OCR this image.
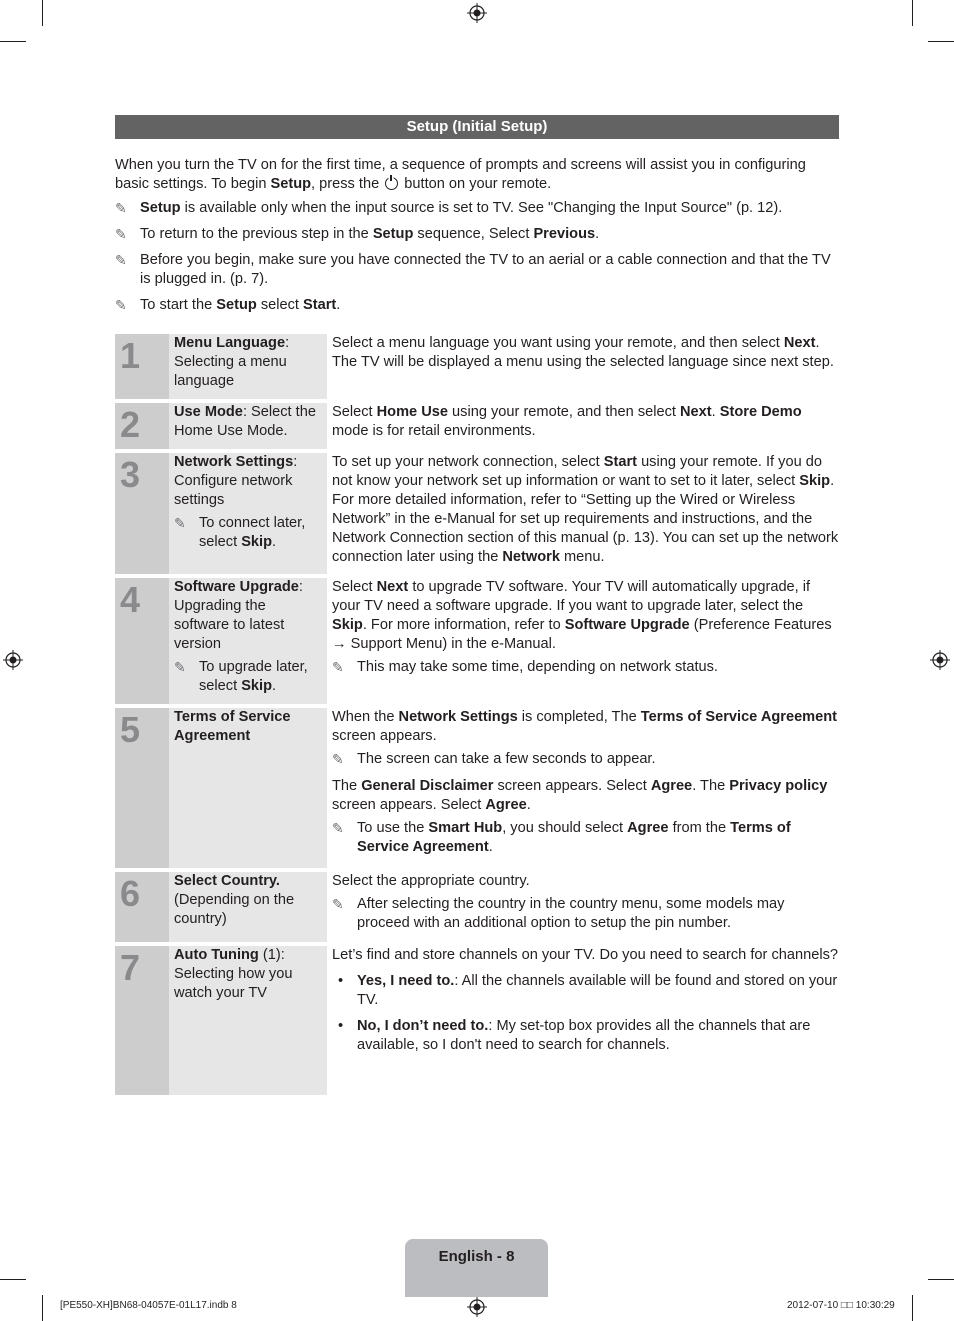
Setup (Initial Setup)

When you turn the TV on for the first time, a sequence of prompts and screens will assist you in configuring basic settings. To begin Setup, press the  button on your remote.

✎ Setup is available only when the input source is set to TV. See "Changing the Input Source" (p. 12).
✎ To return to the previous step in the Setup sequence, Select Previous.
✎ Before you begin, make sure you have connected the TV to an aerial or a cable connection and that the TV is plugged in. (p. 7).
✎ To start the Setup select Start.
1	Menu Language: Selecting a menu language

Select a menu language you want using your remote, and then select Next. The TV will be displayed a menu using the selected language since next step.

2	Use Mode: Select the Home Use Mode.

Select Home Use using your remote, and then select Next. Store Demo mode is for retail environments.

3	Network Settings: Configure network settings
✎ To connect later, select Skip.

To set up your network connection, select Start using your remote. If you do not know your network set up information or want to set to it later, select Skip. For more detailed information, refer to “Setting up the Wired or Wireless Network” in the e-Manual for set up requirements and instructions, and the Network Connection section of this manual (p. 13). You can set up the network connection later using the Network menu.

4	Software Upgrade: Upgrading the software to latest version
✎ To upgrade later, select Skip.

Select Next to upgrade TV software. Your TV will automatically upgrade, if your TV need a software upgrade. If you want to upgrade later, select the Skip. For more information, refer to Software Upgrade (Preference Features → Support Menu) in the e-Manual.

✎ This may take some time, depending on network status.
5	Terms of Service Agreement

When the Network Settings is completed, The Terms of Service Agreement screen appears.

✎ The screen can take a few seconds to appear.

The General Disclaimer screen appears. Select Agree. The Privacy policy screen appears. Select Agree.

✎ To use the Smart Hub, you should select Agree from the Terms of Service Agreement.
6	Select Country. (Depending on the country)

Select the appropriate country.

✎ After selecting the country in the country menu, some models may proceed with an additional option to setup the pin number.
7	Auto Tuning (1): Selecting how you watch your TV

Let’s find and store channels on your TV. Do you need to search for channels?

• Yes, I need to.: All the channels available will be found and stored on your TV.
• No, I don’t need to.: My set-top box provides all the channels that are available, so I don't need to search for channels.
English - 8
[PE550-XH]BN68-04057E-01L17.indb 8	2012-07-10 □□ 10:30:29
